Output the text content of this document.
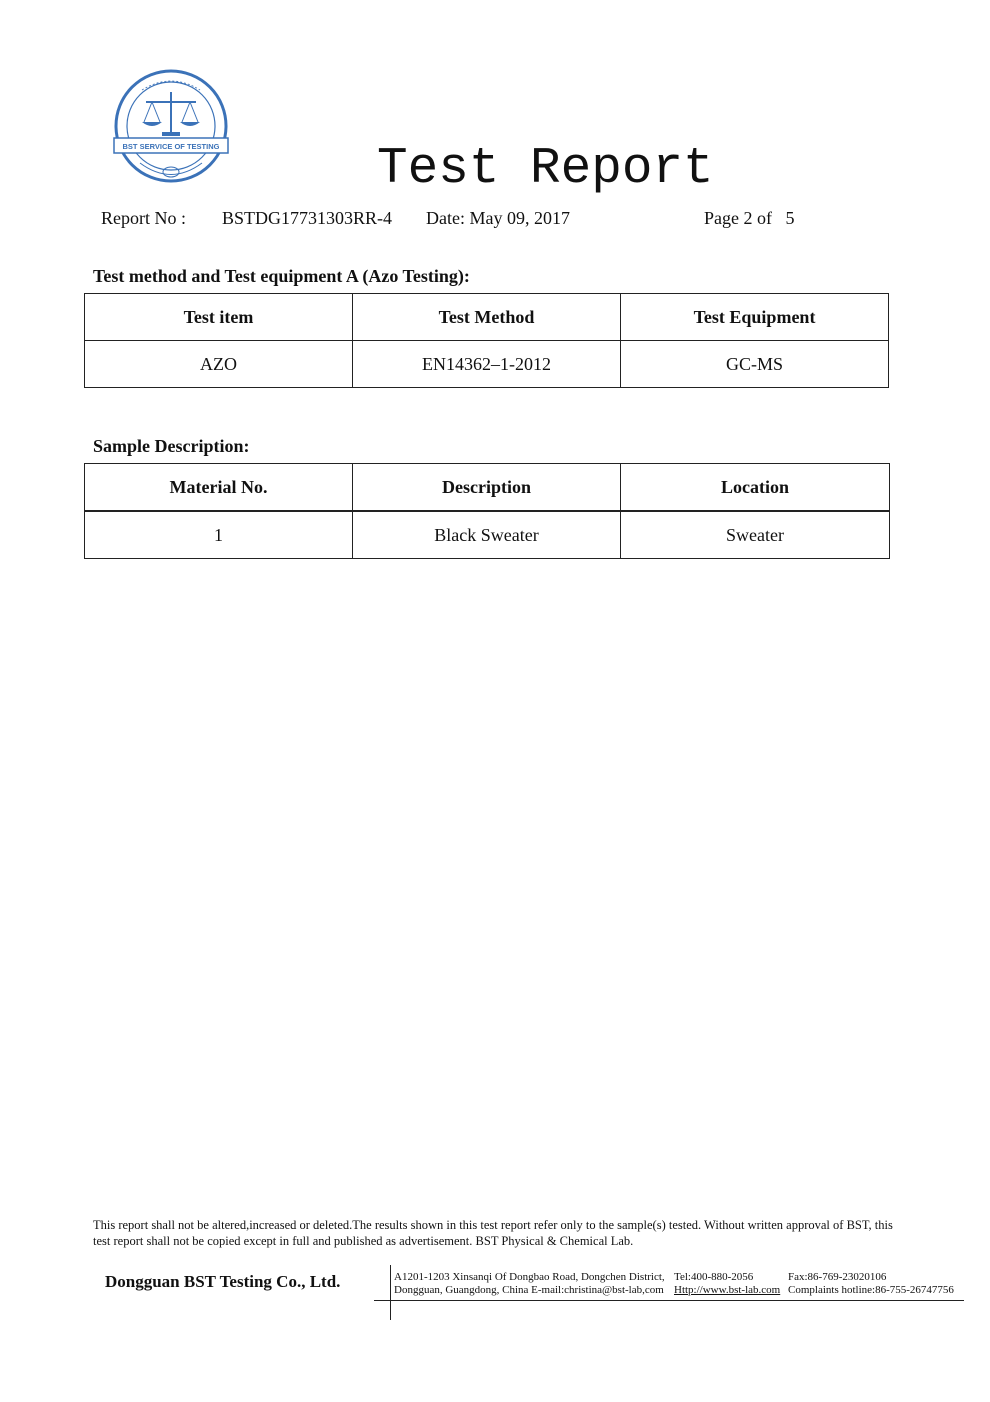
BST SERVICE OF TESTING	Test Report
Report No : BSTDG17731303RR-4 Date: May 09, 2017	Page 2 of   5
Test method and Test equipment A (Azo Testing):
Test item	Test Method	Test Equipment
AZO	EN14362–1-2012	GC-MS
Sample Description:
Material No.	Description	Location
1	Black Sweater	Sweater
This report shall not be altered,increased or deleted.The results shown in this test report refer only to the sample(s) tested. Without written approval of BST, this test report shall not be copied except in full and published as advertisement. BST Physical & Chemical Lab.
Dongguan BST Testing Co., Ltd.	A1201-1203 Xinsanqi Of Dongbao Road, Dongchen District,
Dongguan, Guangdong, China E-mail:christina@bst-lab,com
Tel:400-880-2056
Http://www.bst-lab.com
Fax:86-769-23020106
Complaints hotline:86-755-26747756
